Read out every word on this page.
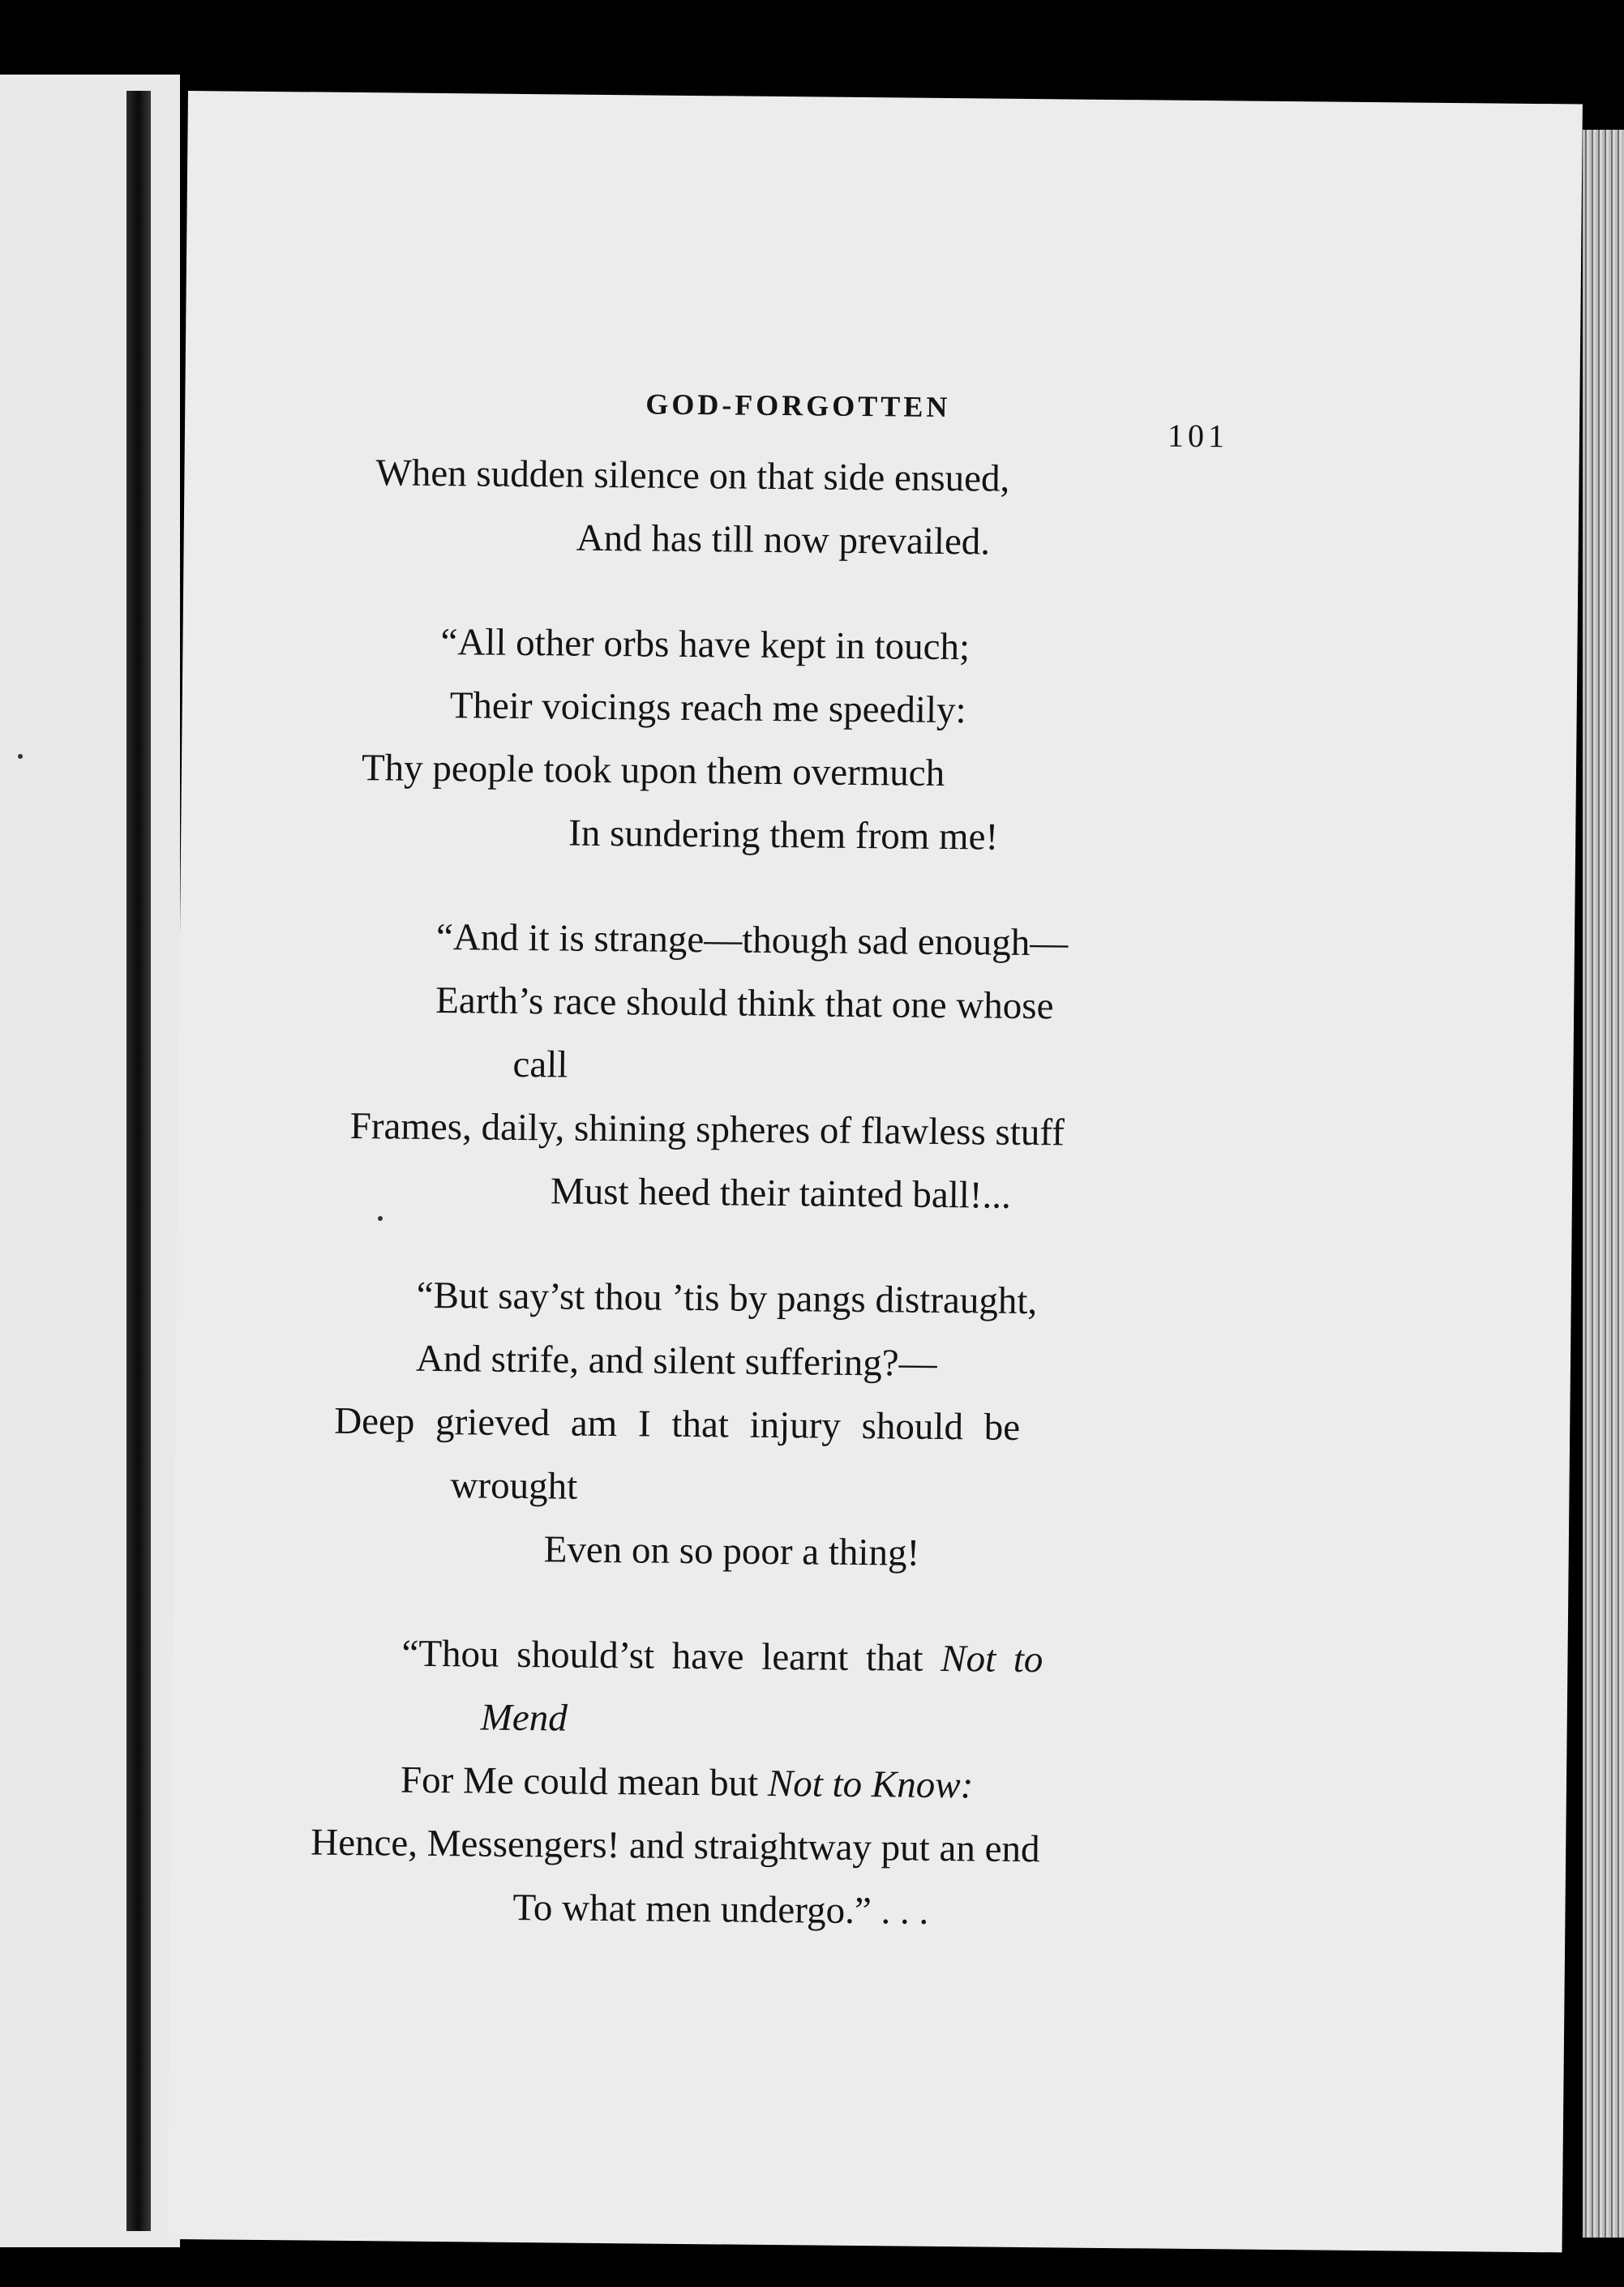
GOD-FORGOTTEN
101
When sudden silence on that side ensued,
And has till now prevailed.
“All other orbs have kept in touch;
Their voicings reach me speedily:
Thy people took upon them overmuch
In sundering them from me!
“And it is strange—though sad enough—
Earth’s race should think that one whose
call
Frames, daily, shining spheres of flawless stuff
Must heed their tainted ball!...
“But say’st thou ’tis by pangs distraught,
And strife, and silent suffering?—
Deep grieved am I that injury should be
wrought
Even on so poor a thing!
“Thou should’st have learnt that Not to
Mend
For Me could mean but Not to Know:
Hence, Messengers! and straightway put an end
To what men undergo.” . . .
